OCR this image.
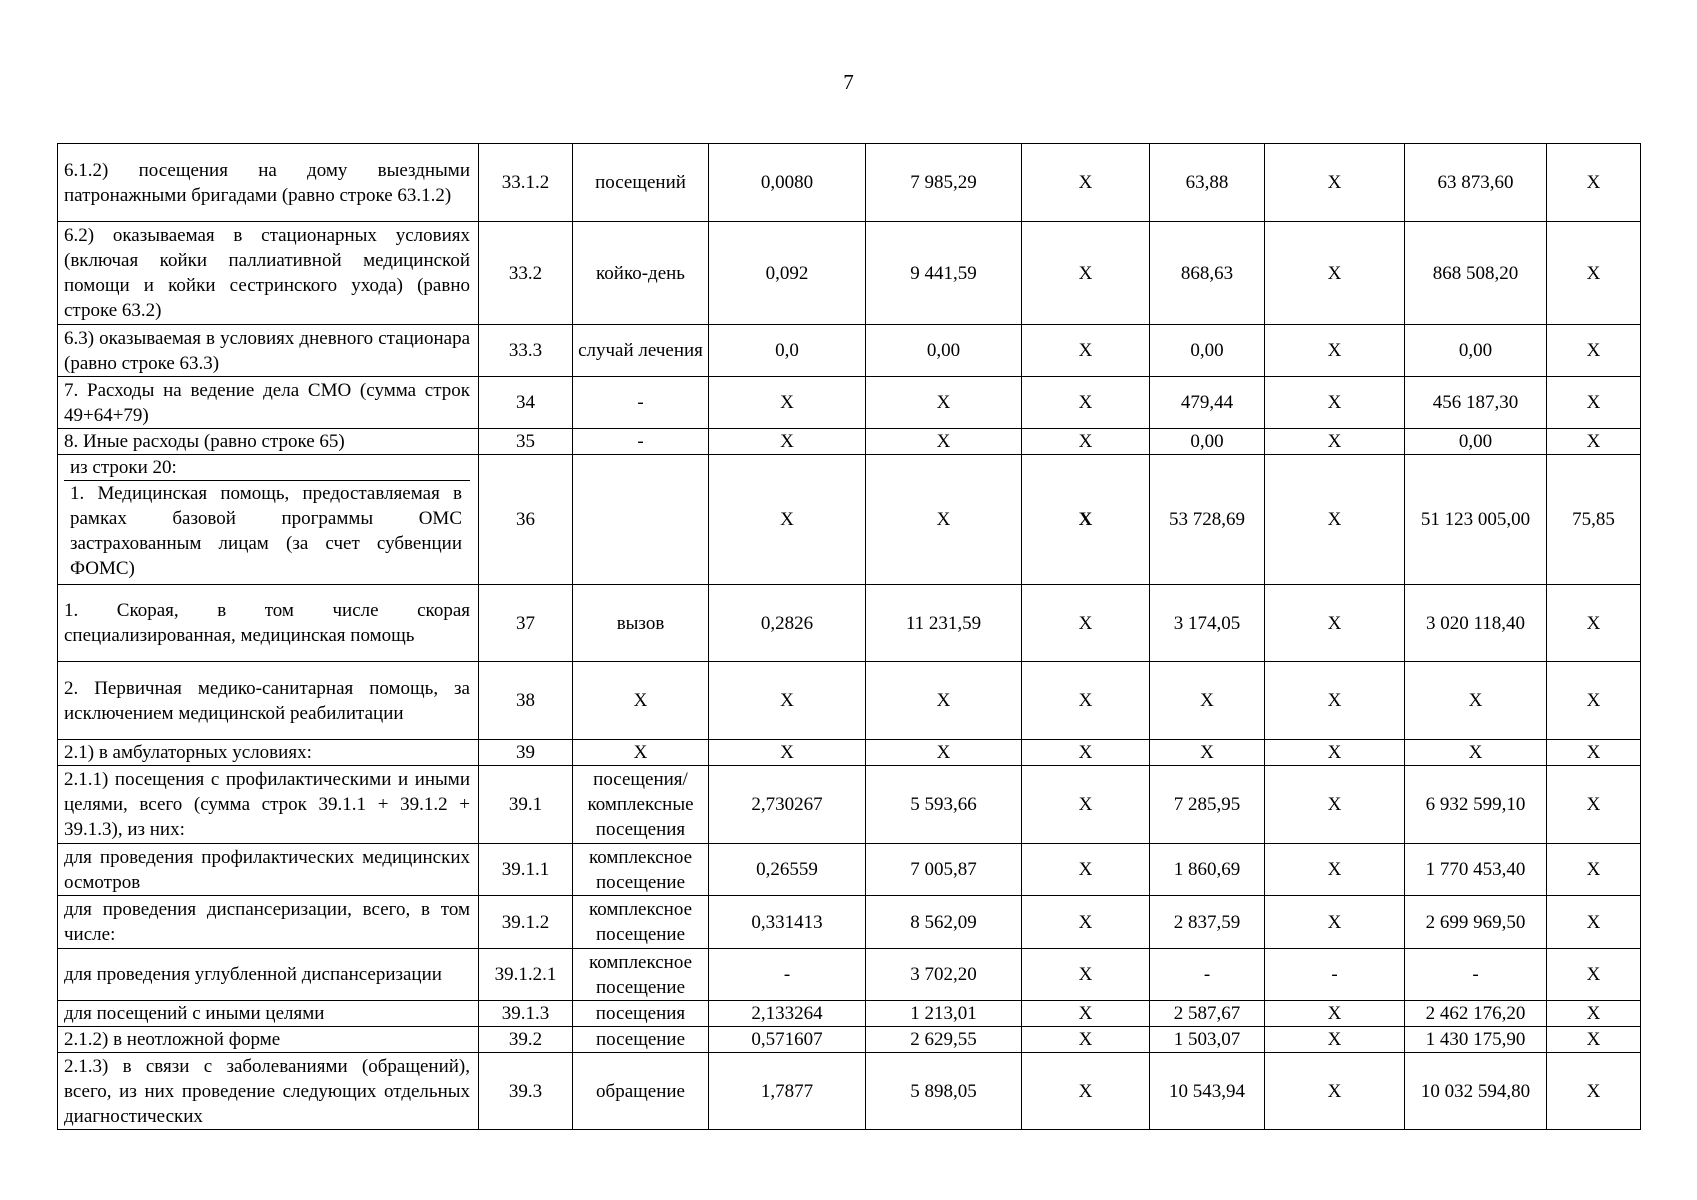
7
6.1.2) посещения на дому выездными патронажными бригадами (равно строке 63.1.2)	33.1.2	посещений	0,0080	7 985,29	Х	63,88	Х	63 873,60	Х
6.2) оказываемая в стационарных условиях (включая койки паллиативной медицинской помощи и койки сестринского ухода) (равно строке 63.2)	33.2	койко-день	0,092	9 441,59	Х	868,63	Х	868 508,20	Х
6.3) оказываемая в условиях дневного стационара (равно строке 63.3)	33.3	случай лечения	0,0	0,00	Х	0,00	Х	0,00	Х
7. Расходы на ведение дела СМО (сумма строк 49+64+79)	34	-	Х	Х	Х	479,44	Х	456 187,30	Х
8. Иные расходы (равно строке 65)	35	-	Х	Х	Х	0,00	Х	0,00	Х

из строки 20:
1. Медицинская помощь, предоставляемая в рамках базовой программы ОМС застрахованным лицам (за счет субвенции ФОМС)	36		Х	Х	Х	53 728,69	Х	51 123 005,00	75,85
1. Скорая, в том числе скорая специализированная, медицинская помощь	37	вызов	0,2826	11 231,59	Х	3 174,05	Х	3 020 118,40	Х
2. Первичная медико-санитарная помощь, за исключением медицинской реабилитации	38	Х	Х	Х	Х	Х	Х	Х	Х
2.1) в амбулаторных условиях:	39	Х	Х	Х	Х	Х	Х	Х	Х
2.1.1) посещения с профилактическими и иными целями, всего (сумма строк 39.1.1 + 39.1.2 + 39.1.3), из них:	39.1	посещения/ комплексные посещения	2,730267	5 593,66	Х	7 285,95	Х	6 932 599,10	Х
для проведения профилактических медицинских осмотров	39.1.1	комплексное посещение	0,26559	7 005,87	Х	1 860,69	Х	1 770 453,40	Х
для проведения диспансеризации, всего, в том числе:	39.1.2	комплексное посещение	0,331413	8 562,09	Х	2 837,59	Х	2 699 969,50	Х
для проведения углубленной диспансеризации	39.1.2.1	комплексное посещение	-	3 702,20	Х	-	-	-	Х
для посещений с иными целями	39.1.3	посещения	2,133264	1 213,01	Х	2 587,67	Х	2 462 176,20	Х
2.1.2) в неотложной форме	39.2	посещение	0,571607	2 629,55	Х	1 503,07	Х	1 430 175,90	Х
2.1.3) в связи с заболеваниями (обращений), всего, из них проведение следующих отдельных диагностических	39.3	обращение	1,7877	5 898,05	Х	10 543,94	Х	10 032 594,80	Х
